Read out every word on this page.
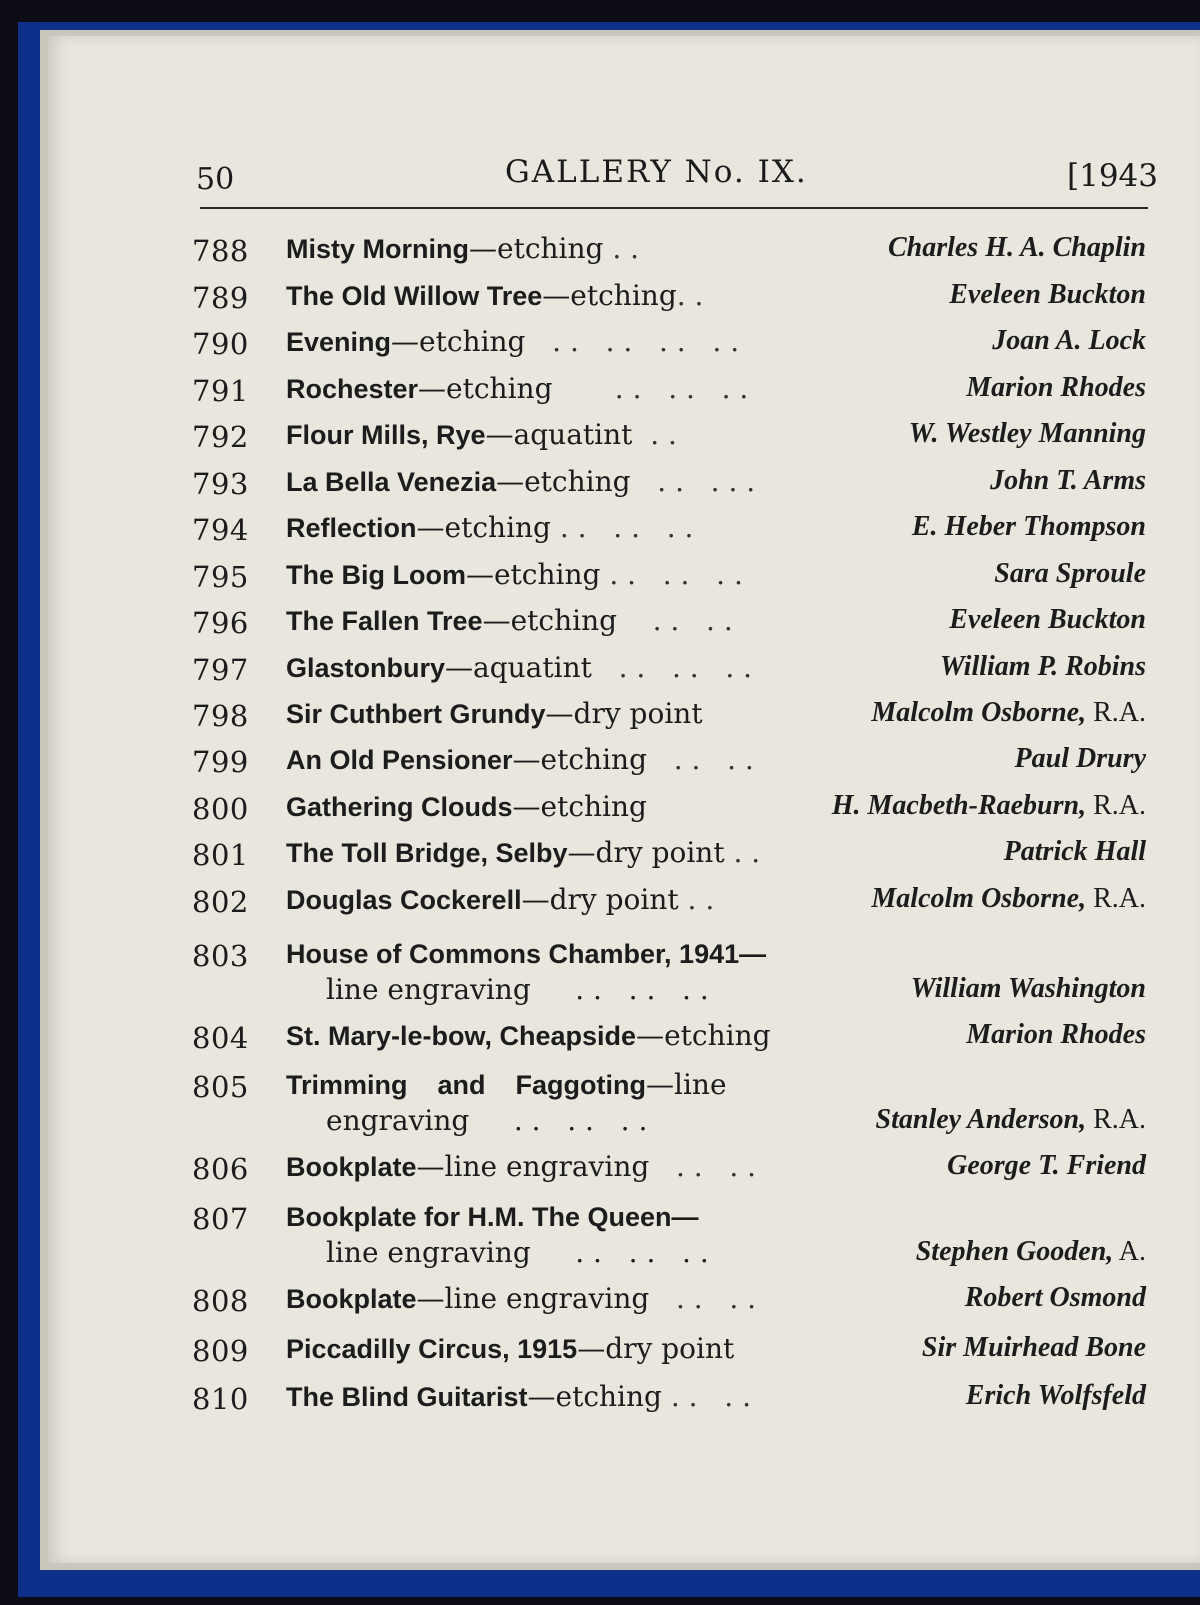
50	GALLERY No. IX.	[1943
788 Misty Morning—etching . .	Charles H. A. Chaplin
789 The Old Willow Tree—etching. .	Eveleen Buckton
790 Evening—etching   . .   . .   . .   . .	Joan A. Lock
791 Rochester—etching       . .   . .   . .	Marion Rhodes
792 Flour Mills, Rye—aquatint  . .	W. Westley Manning
793 La Bella Venezia—etching   . .   . . .	John T. Arms
794 Reflection—etching . .   . .   . .	E. Heber Thompson
795 The Big Loom—etching . .   . .   . .	Sara Sproule
796 The Fallen Tree—etching    . .   . .	Eveleen Buckton
797 Glastonbury—aquatint   . .   . .   . .	William P. Robins
798 Sir Cuthbert Grundy—dry point	Malcolm Osborne, R.A.
799 An Old Pensioner—etching   . .   . .	Paul Drury
800 Gathering Clouds—etching	H. Macbeth-Raeburn, R.A.
801 The Toll Bridge, Selby—dry point . .	Patrick Hall
802 Douglas Cockerell—dry point . .	Malcolm Osborne, R.A.
803 House of Commons Chamber, 1941—
line engraving     . .   . .   . .	William Washington
804 St. Mary-le-bow, Cheapside—etching	Marion Rhodes
805 Trimming    and    Faggoting—line
engraving     . .   . .   . .	Stanley Anderson, R.A.
806 Bookplate—line engraving   . .   . .	George T. Friend
807 Bookplate for H.M. The Queen—
line engraving     . .   . .   . .	Stephen Gooden, A.
808 Bookplate—line engraving   . .   . .	Robert Osmond
809 Piccadilly Circus, 1915—dry point	Sir Muirhead Bone
810 The Blind Guitarist—etching . .   . .	Erich Wolfsfeld
